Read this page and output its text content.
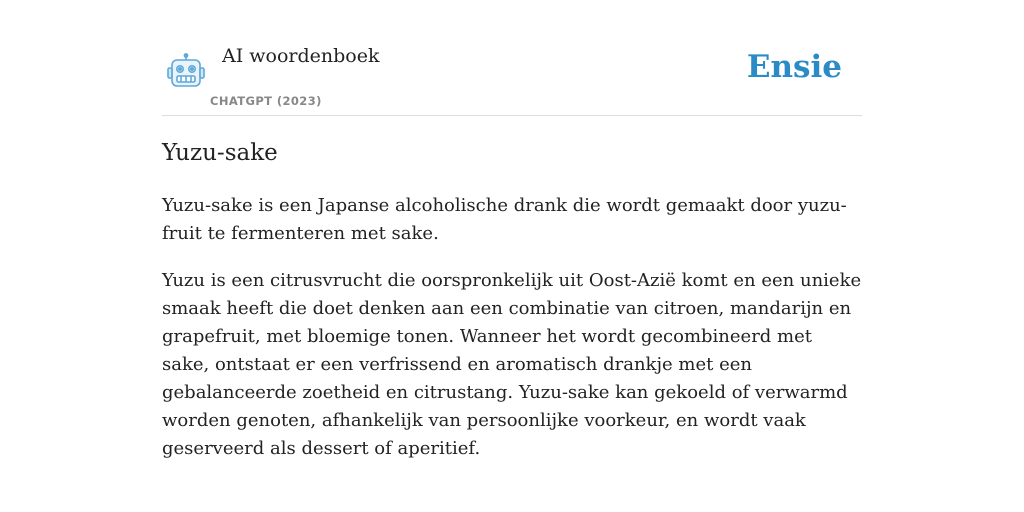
AI woordenboek
CHATGPT (2023)
Ensie
Yuzu-sake

Yuzu-sake is een Japanse alcoholische drank die wordt gemaakt door yuzu-fruit te fermenteren met sake.

Yuzu is een citrusvrucht die oorspronkelijk uit Oost-Azië komt en een unieke smaak heeft die doet denken aan een combinatie van citroen, mandarijn en grapefruit, met bloemige tonen. Wanneer het wordt gecombineerd met sake, ontstaat er een verfrissend en aromatisch drankje met een gebalanceerde zoetheid en citrustang. Yuzu-sake kan gekoeld of verwarmd worden genoten, afhankelijk van persoonlijke voorkeur, en wordt vaak geserveerd als dessert of aperitief.
